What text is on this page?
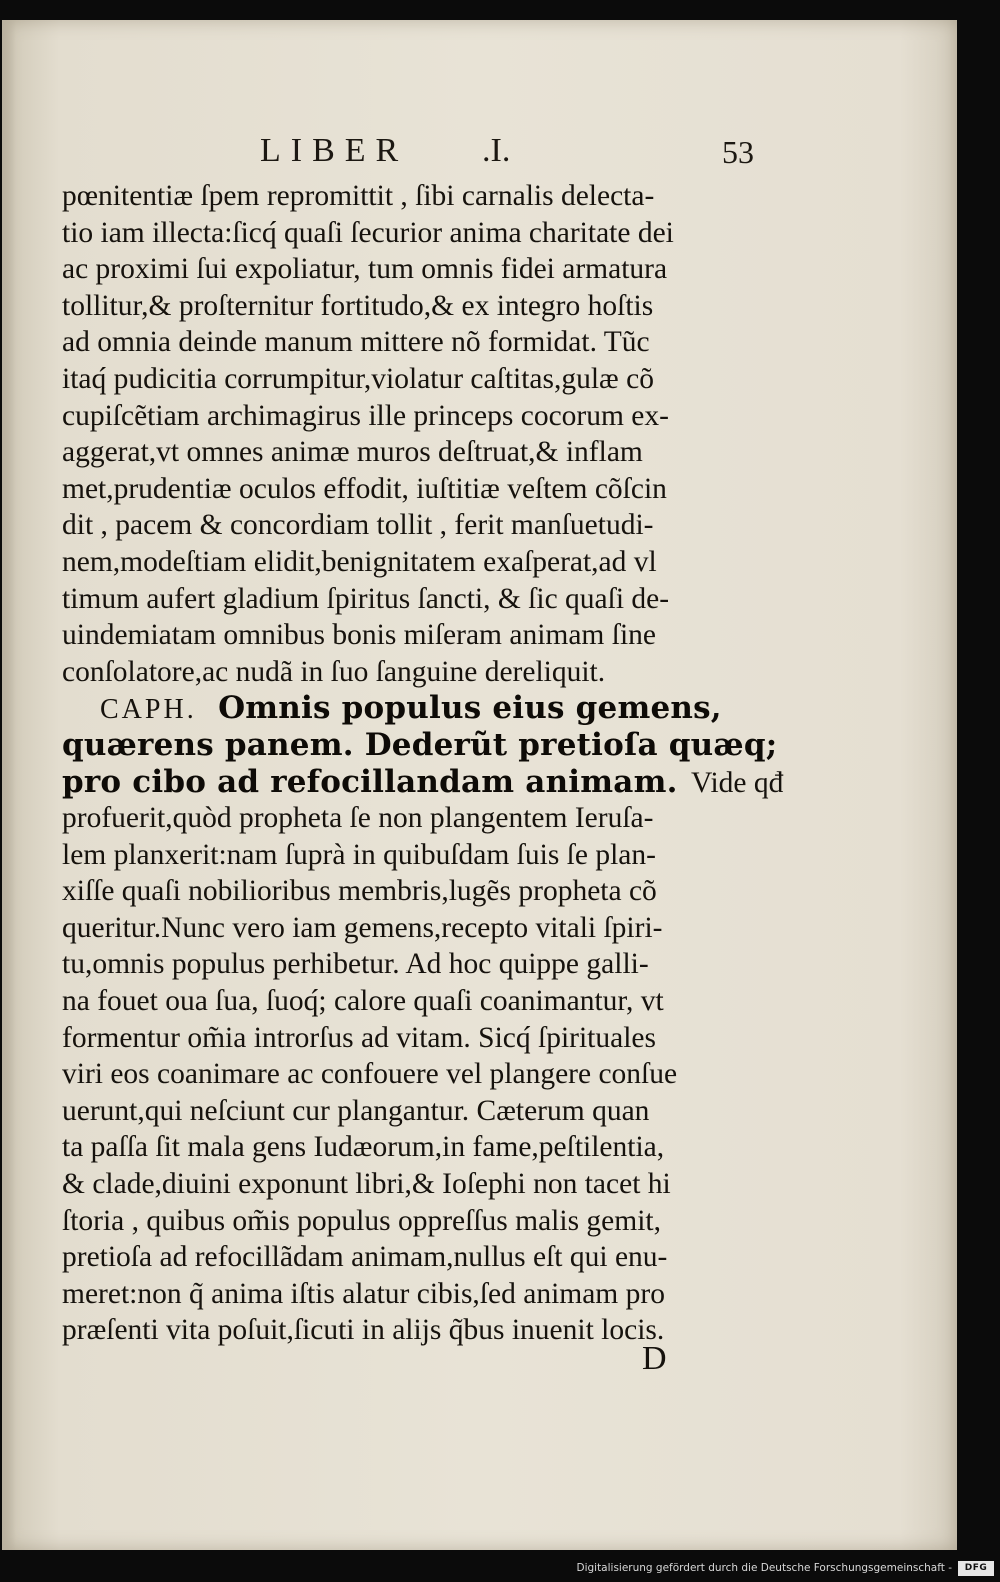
LIBER .I.	53
pœnitentiæ ſpem repromittit , ſibi carnalis delecta-
tio iam illecta:ſicq́ quaſi ſecurior anima charitate dei
ac proximi ſui expoliatur, tum omnis fidei armatura
tollitur,& proſternitur fortitudo,& ex integro hoſtis
ad omnia deinde manum mittere nõ formidat. Tũc
itaq́ pudicitia corrumpitur,violatur caſtitas,gulæ cõ
cupiſcẽtiam archimagirus ille princeps cocorum ex-
aggerat,vt omnes animæ muros deſtruat,& inflam
met,prudentiæ oculos effodit, iuſtitiæ veſtem cõſcin
dit , pacem & concordiam tollit , ferit manſuetudi-
nem,modeſtiam elidit,benignitatem exaſperat,ad vl
timum aufert gladium ſpiritus ſancti, & ſic quaſi de-
uindemiatam omnibus bonis miſeram animam ſine
conſolatore,ac nudã in ſuo ſanguine dereliquit.
CAPH. Omnis populus eius gemens,
quærens panem. Dederũt pretioſa quæq;
pro cibo ad refocillandam animam. Vide qđ
profuerit,quòd propheta ſe non plangentem Ieruſa-
lem planxerit:nam ſuprà in quibuſdam ſuis ſe plan-
xiſſe quaſi nobilioribus membris,lugẽs propheta cõ
queritur.Nunc vero iam gemens,recepto vitali ſpiri-
tu,omnis populus perhibetur. Ad hoc quippe galli-
na fouet oua ſua, ſuoq́; calore quaſi coanimantur, vt
formentur om̃ia introrſus ad vitam. Sicq́ ſpirituales
viri eos coanimare ac confouere vel plangere conſue
uerunt,qui neſciunt cur plangantur. Cæterum quan
ta paſſa ſit mala gens Iudæorum,in fame,peſtilentia,
& clade,diuini exponunt libri,& Ioſephi non tacet hi
ſtoria , quibus om̃is populus oppreſſus malis gemit,
pretioſa ad refocillãdam animam,nullus eſt qui enu-
meret:non q̃ anima iſtis alatur cibis,ſed animam pro
præſenti vita poſuit,ſicuti in alijs q̃bus inuenit locis.
D
Digitalisierung gefördert durch die Deutsche Forschungsgemeinschaft -	DFG
